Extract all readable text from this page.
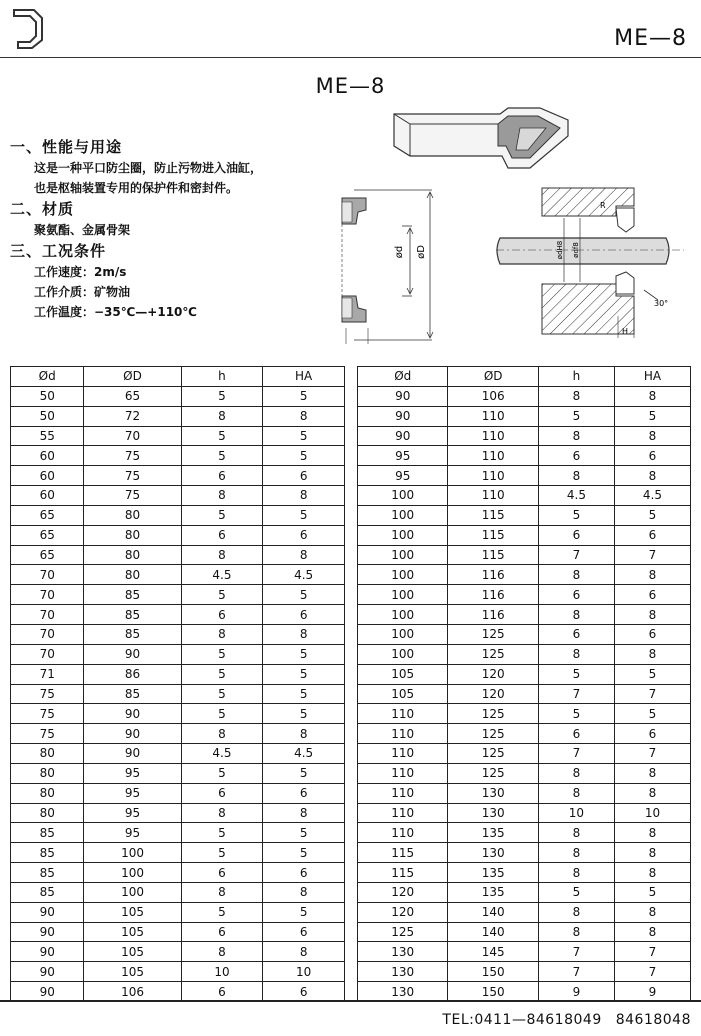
ME—8
ME—8

一、性能与用途

这是一种平口防尘圈，防止污物进入油缸，

也是枢轴装置专用的保护件和密封件。

二、材质

聚氨酯、金属骨架

三、工况条件

工作速度：2m/s

工作介质：矿物油

工作温度：−35℃—+110℃

ød øD
R
ødH8 ødf8
30°
H
Ød	ØD	h	HA
50	65	5	5
50	72	8	8
55	70	5	5
60	75	5	5
60	75	6	6
60	75	8	8
65	80	5	5
65	80	6	6
65	80	8	8
70	80	4.5	4.5
70	85	5	5
70	85	6	6
70	85	8	8
70	90	5	5
71	86	5	5
75	85	5	5
75	90	5	5
75	90	8	8
80	90	4.5	4.5
80	95	5	5
80	95	6	6
80	95	8	8
85	95	5	5
85	100	5	5
85	100	6	6
85	100	8	8
90	105	5	5
90	105	6	6
90	105	8	8
90	105	10	10
90	106	6	6
Ød	ØD	h	HA
90	106	8	8
90	110	5	5
90	110	8	8
95	110	6	6
95	110	8	8
100	110	4.5	4.5
100	115	5	5
100	115	6	6
100	115	7	7
100	116	8	8
100	116	6	6
100	116	8	8
100	125	6	6
100	125	8	8
105	120	5	5
105	120	7	7
110	125	5	5
110	125	6	6
110	125	7	7
110	125	8	8
110	130	8	8
110	130	10	10
110	135	8	8
115	130	8	8
115	135	8	8
120	135	5	5
120	140	8	8
125	140	8	8
130	145	7	7
130	150	7	7
130	150	9	9
TEL:0411—84618049 84618048
